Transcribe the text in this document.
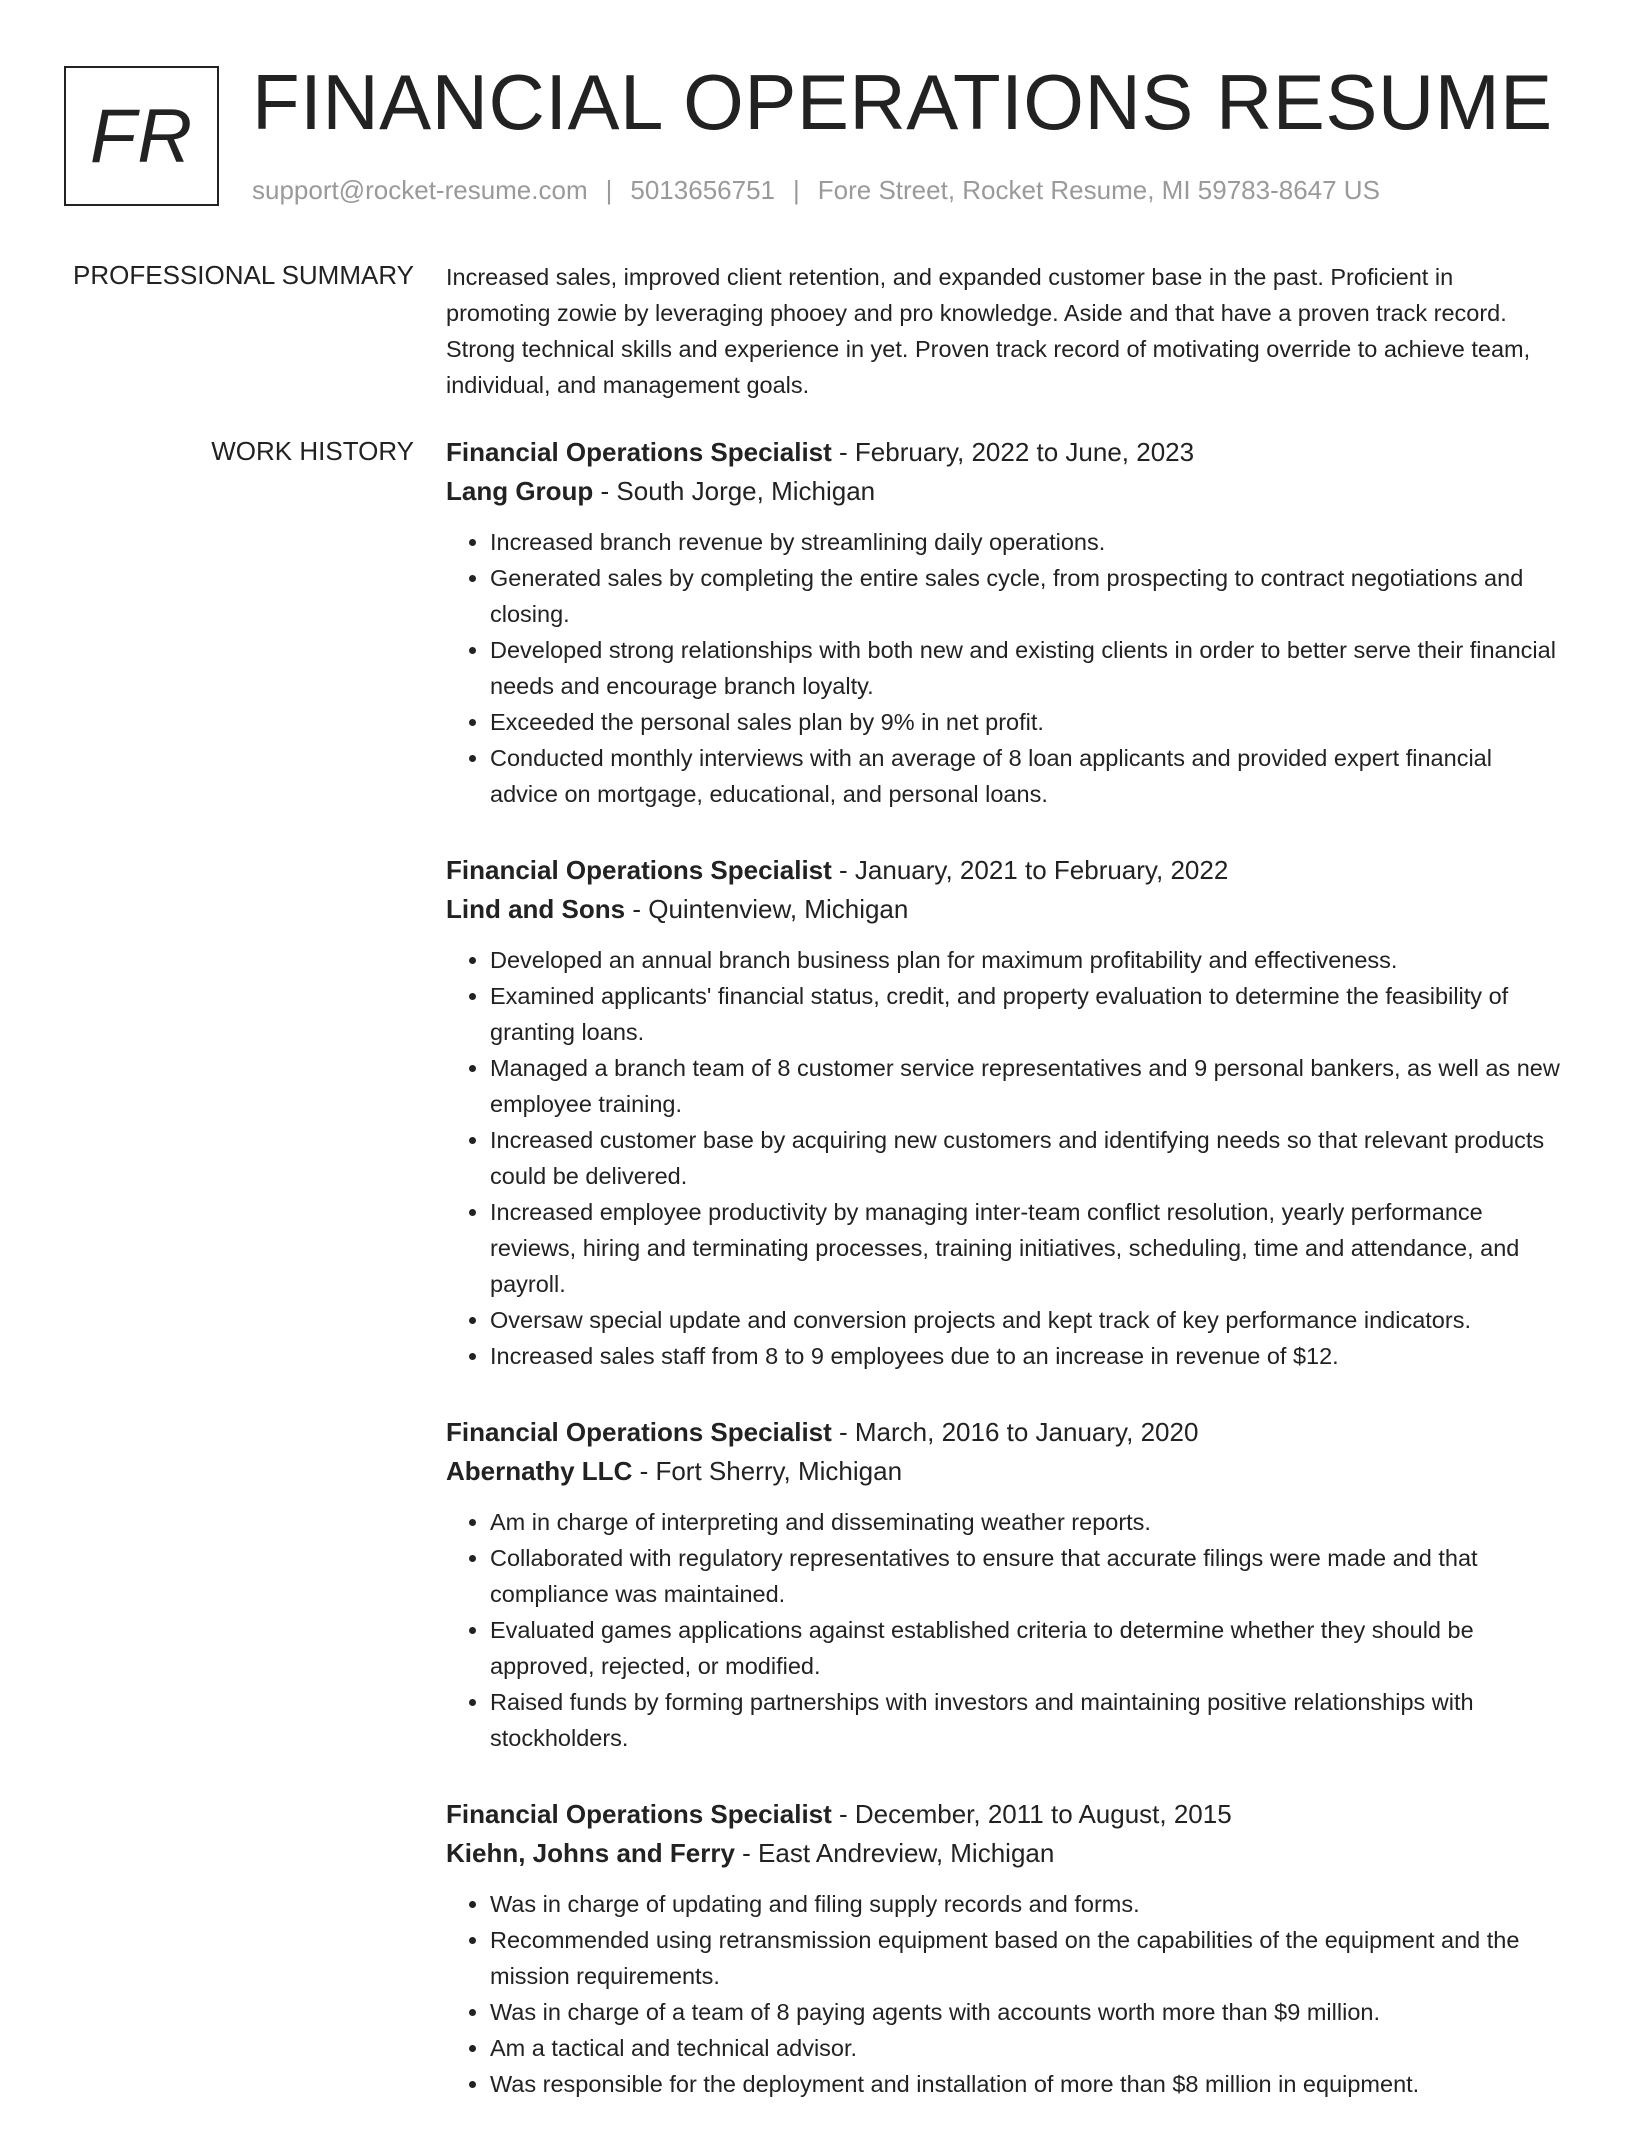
FR FINANCIAL OPERATIONS RESUME
support@rocket-resume.com | 5013656751 | Fore Street, Rocket Resume, MI 59783-8647 US
PROFESSIONAL SUMMARY Increased sales, improved client retention, and expanded customer base in the past. Proficient in promoting zowie by leveraging phooey and pro knowledge. Aside and that have a proven track record. Strong technical skills and experience in yet. Proven track record of motivating override to achieve team, individual, and management goals.

WORK HISTORY Financial Operations Specialist - February, 2022 to June, 2023
Lang Group - South Jorge, Michigan
• Increased branch revenue by streamlining daily operations.
• Generated sales by completing the entire sales cycle, from prospecting to contract negotiations and closing.
• Developed strong relationships with both new and existing clients in order to better serve their financial needs and encourage branch loyalty.
• Exceeded the personal sales plan by 9% in net profit.
• Conducted monthly interviews with an average of 8 loan applicants and provided expert financial advice on mortgage, educational, and personal loans.
Financial Operations Specialist - January, 2021 to February, 2022
Lind and Sons - Quintenview, Michigan
• Developed an annual branch business plan for maximum profitability and effectiveness.
• Examined applicants' financial status, credit, and property evaluation to determine the feasibility of granting loans.
• Managed a branch team of 8 customer service representatives and 9 personal bankers, as well as new employee training.
• Increased customer base by acquiring new customers and identifying needs so that relevant products could be delivered.
• Increased employee productivity by managing inter-team conflict resolution, yearly performance reviews, hiring and terminating processes, training initiatives, scheduling, time and attendance, and payroll.
• Oversaw special update and conversion projects and kept track of key performance indicators.
• Increased sales staff from 8 to 9 employees due to an increase in revenue of $12.
Financial Operations Specialist - March, 2016 to January, 2020
Abernathy LLC - Fort Sherry, Michigan
• Am in charge of interpreting and disseminating weather reports.
• Collaborated with regulatory representatives to ensure that accurate filings were made and that compliance was maintained.
• Evaluated games applications against established criteria to determine whether they should be approved, rejected, or modified.
• Raised funds by forming partnerships with investors and maintaining positive relationships with stockholders.
Financial Operations Specialist - December, 2011 to August, 2015
Kiehn, Johns and Ferry - East Andreview, Michigan
• Was in charge of updating and filing supply records and forms.
• Recommended using retransmission equipment based on the capabilities of the equipment and the mission requirements.
• Was in charge of a team of 8 paying agents with accounts worth more than $9 million.
• Am a tactical and technical advisor.
• Was responsible for the deployment and installation of more than $8 million in equipment.
